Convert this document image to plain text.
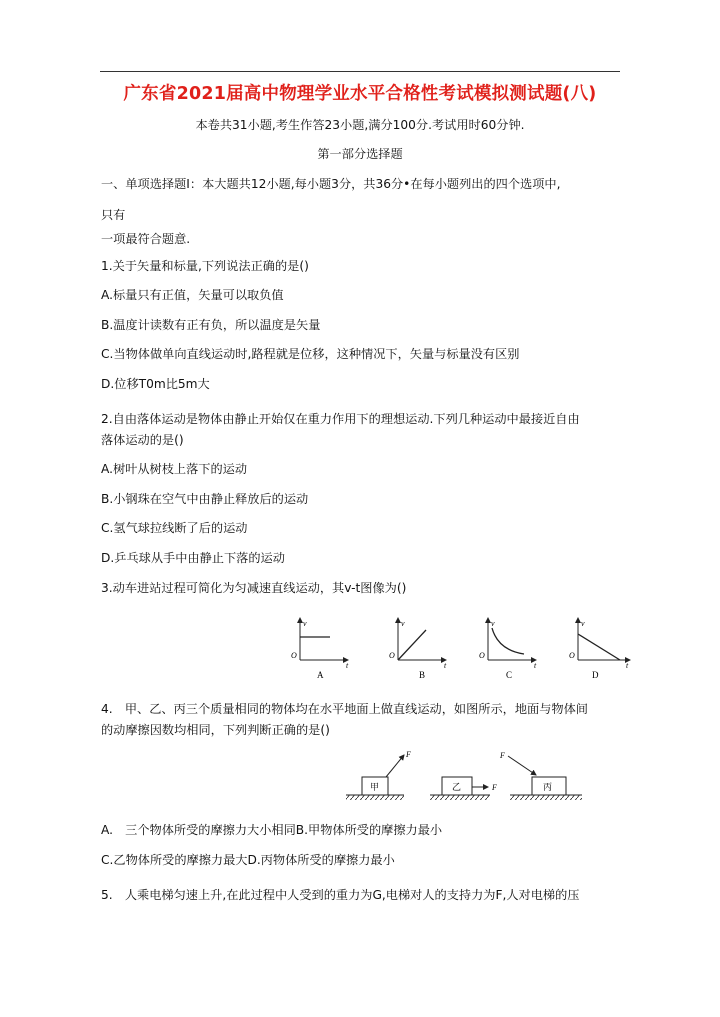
广东省2021届高中物理学业水平合格性考试模拟测试题(八)
本卷共31小题,考生作答23小题,满分100分.考试用时60分钟.
第一部分选择题
一、单项选择题Ⅰ：本大题共12小题,每小题3分，共36分•在每小题列出的四个选项中,
只有
一项最符合题意.
1.关于矢量和标量,下列说法正确的是()
A.标量只有正值，矢量可以取负值
B.温度计读数有正有负，所以温度是矢量
C.当物体做单向直线运动时,路程就是位移，这种情况下，矢量与标量没有区别
D.位移T0m比5m大
2.自由落体运动是物体由静止开始仅在重力作用下的理想运动.下列几种运动中最接近自由
落体运动的是()
A.树叶从树枝上落下的运动
B.小钢珠在空气中由静止释放后的运动
C.氢气球拉线断了后的运动
D.乒乓球从手中由静止下落的运动
3.动车进站过程可简化为匀减速直线运动，其v-t图像为()
v
O
t
A
v
O
t
B
v
O
t
C
v
O
t
D
4.　甲、乙、丙三个质量相同的物体均在水平地面上做直线运动，如图所示，地面与物体间
的动摩擦因数均相同，下列判断正确的是()
甲
F
乙	F	丙
F
A.　三个物体所受的摩擦力大小相同B.甲物体所受的摩擦力最小
C.乙物体所受的摩擦力最大D.丙物体所受的摩擦力最小
5.　人乘电梯匀速上升,在此过程中人受到的重力为G,电梯对人的支持力为F,人对电梯的压
